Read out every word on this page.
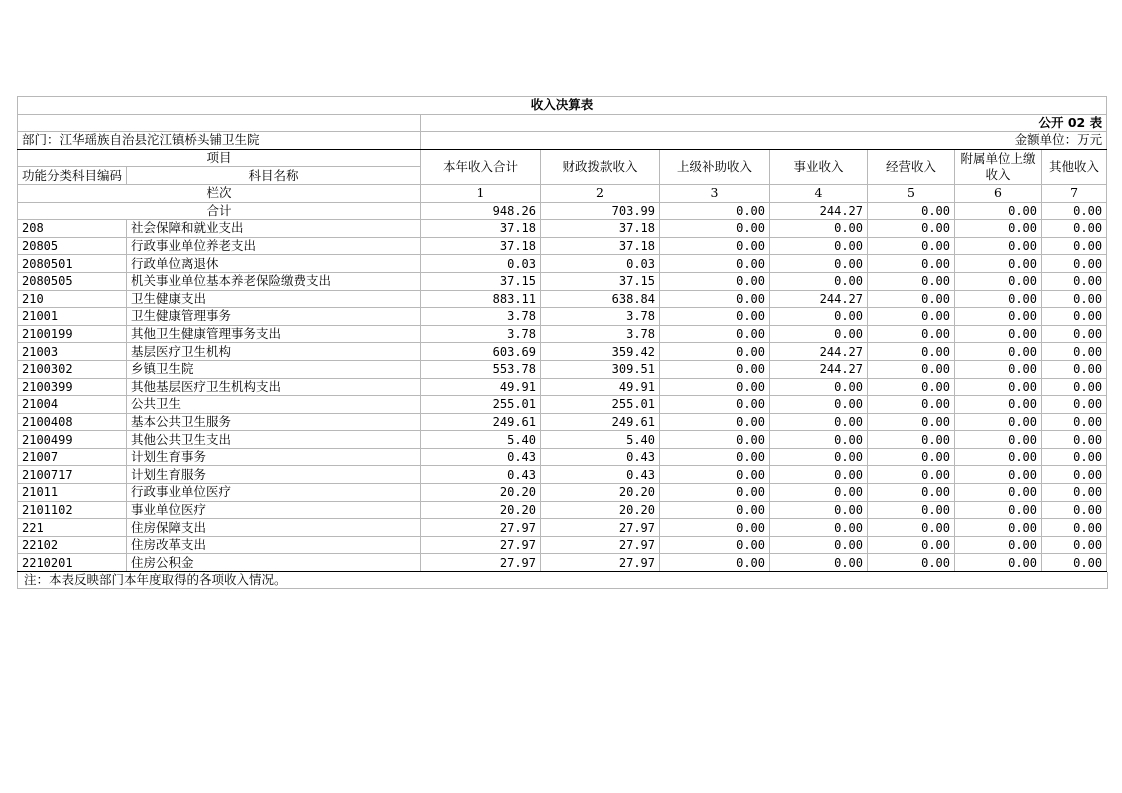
收入决算表								
		公开 02 表						
部门：江华瑶族自治县沱江镇桥头铺卫生院		金额单位：万元						
项目		本年收入合计	财政拨款收入	上级补助收入	事业收入	经营收入	附属单位上缴收入	其他收入
功能分类科目编码	科目名称							
栏次		1	2	3	4	5	6	7
合计		948.26	703.99	0.00	244.27	0.00	0.00	0.00
208	社会保障和就业支出	37.18	37.18	0.00	0.00	0.00	0.00	0.00
20805	行政事业单位养老支出	37.18	37.18	0.00	0.00	0.00	0.00	0.00
2080501	行政单位离退休	0.03	0.03	0.00	0.00	0.00	0.00	0.00
2080505	机关事业单位基本养老保险缴费支出	37.15	37.15	0.00	0.00	0.00	0.00	0.00
210	卫生健康支出	883.11	638.84	0.00	244.27	0.00	0.00	0.00
21001	卫生健康管理事务	3.78	3.78	0.00	0.00	0.00	0.00	0.00
2100199	其他卫生健康管理事务支出	3.78	3.78	0.00	0.00	0.00	0.00	0.00
21003	基层医疗卫生机构	603.69	359.42	0.00	244.27	0.00	0.00	0.00
2100302	乡镇卫生院	553.78	309.51	0.00	244.27	0.00	0.00	0.00
2100399	其他基层医疗卫生机构支出	49.91	49.91	0.00	0.00	0.00	0.00	0.00
21004	公共卫生	255.01	255.01	0.00	0.00	0.00	0.00	0.00
2100408	基本公共卫生服务	249.61	249.61	0.00	0.00	0.00	0.00	0.00
2100499	其他公共卫生支出	5.40	5.40	0.00	0.00	0.00	0.00	0.00
21007	计划生育事务	0.43	0.43	0.00	0.00	0.00	0.00	0.00
2100717	计划生育服务	0.43	0.43	0.00	0.00	0.00	0.00	0.00
21011	行政事业单位医疗	20.20	20.20	0.00	0.00	0.00	0.00	0.00
2101102	事业单位医疗	20.20	20.20	0.00	0.00	0.00	0.00	0.00
221	住房保障支出	27.97	27.97	0.00	0.00	0.00	0.00	0.00
22102	住房改革支出	27.97	27.97	0.00	0.00	0.00	0.00	0.00
2210201	住房公积金	27.97	27.97	0.00	0.00	0.00	0.00	0.00
注：本表反映部门本年度取得的各项收入情况。
